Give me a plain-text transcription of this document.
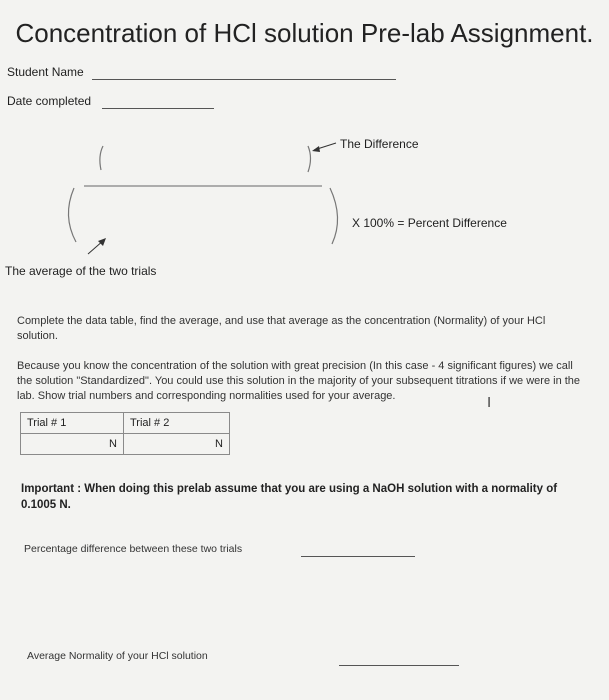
Concentration of HCl solution Pre-lab Assignment.
Student Name
Date completed
The Difference
X 100% = Percent Difference
The average of the two trials
Complete the data table, find the average, and use that average as the concentration (Normality) of your HCl solution.
Because you know the concentration of the solution with great precision (In this case - 4 significant figures) we call the solution "Standardized". You could use this solution in the majority of your subsequent titrations if we were in the lab. Show trial numbers and corresponding normalities used for your average.	I
Trial # 1	Trial # 2
N	N
Important : When doing this prelab assume that you are using a NaOH solution with a normality of 0.1005 N.
Percentage difference between these two trials
Average Normality of your HCl solution
